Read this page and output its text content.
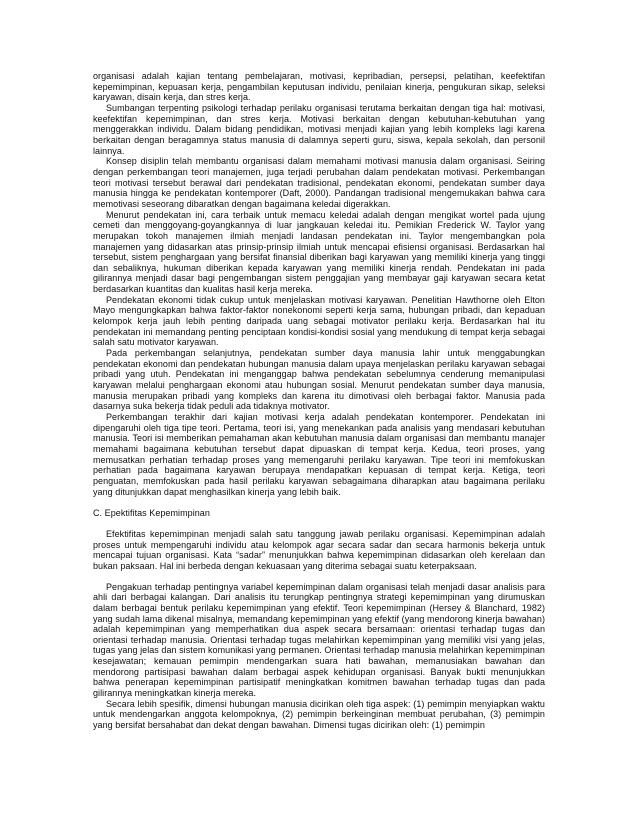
organisasi adalah kajian tentang pembelajaran, motivasi, kepribadian, persepsi, pelatihan, keefektifan kepemimpinan, kepuasan kerja, pengambilan keputusan individu, penilaian kinerja, pengukuran sikap, seleksi karyawan, disain kerja, dan stres kerja.

Sumbangan terpenting psikologi terhadap perilaku organisasi terutama berkaitan dengan tiga hal: motivasi, keefektifan kepemimpinan, dan stres kerja. Motivasi berkaitan dengan kebutuhan-kebutuhan yang menggerakkan individu. Dalam bidang pendidikan, motivasi menjadi kajian yang lebih kompleks lagi karena berkaitan dengan beragamnya status manusia di dalamnya seperti guru, siswa, kepala sekolah, dan personil lainnya.

Konsep disiplin telah membantu organisasi dalam memahami motivasi manusia dalam organisasi. Seiring dengan perkembangan teori manajemen, juga terjadi perubahan dalam pendekatan motivasi. Perkembangan teori motivasi tersebut berawal dari pendekatan tradisional, pendekatan ekonomi, pendekatan sumber daya manusia hingga ke pendekatan kontemporer (Daft, 2000). Pandangan tradisional mengemukakan bahwa cara memotivasi seseorang dibaratkan dengan bagaimana keledai digerakkan.

Menurut pendekatan ini, cara terbaik untuk memacu keledai adalah dengan mengikat wortel pada ujung cemeti dan menggoyang-goyangkannya di luar jangkauan keledai itu. Pemikian Frederick W. Taylor yang merupakan tokoh manajemen ilmiah menjadi landasan pendekatan ini. Taylor mengembangkan pola manajemen yang didasarkan atas prinsip-prinsip ilmiah untuk mencapai efisiensi organisasi. Berdasarkan hal tersebut, sistem penghargaan yang bersifat finansial diberikan bagi karyawan yang memiliki kinerja yang tinggi dan sebaliknya, hukuman diberikan kepada karyawan yang memiliki kinerja rendah. Pendekatan ini pada gilirannya menjadi dasar bagi pengembangan sistem penggajian yang membayar gaji karyawan secara ketat berdasarkan kuantitas dan kualitas hasil kerja mereka.

Pendekatan ekonomi tidak cukup untuk menjelaskan motivasi karyawan. Penelitian Hawthorne oleh Elton Mayo mengungkapkan bahwa faktor-faktor nonekonomi seperti kerja sama, hubungan pribadi, dan kepaduan kelompok kerja jauh lebih penting daripada uang sebagai motivator perilaku kerja. Berdasarkan hal itu pendekatan ini memandang penting penciptaan kondisi-kondisi sosial yang mendukung di tempat kerja sebagai salah satu motivator karyawan.

Pada perkembangan selanjutnya, pendekatan sumber daya manusia lahir untuk menggabungkan pendekatan ekonomi dan pendekatan hubungan manusia dalam upaya menjelaskan perilaku karyawan sebagai pribadi yang utuh. Pendekatan ini menganggap bahwa pendekatan sebelumnya cenderung memanipulasi karyawan melalui penghargaan ekonomi atau hubungan sosial. Menurut pendekatan sumber daya manusia, manusia merupakan pribadi yang kompleks dan karena itu dimotivasi oleh berbagai faktor. Manusia pada dasarnya suka bekerja tidak peduli ada tidaknya motivator.

Perkembangan terakhir dari kajian motivasi kerja adalah pendekatan kontemporer. Pendekatan ini dipengaruhi oleh tiga tipe teori. Pertama, teori isi, yang menekankan pada analisis yang mendasari kebutuhan manusia. Teori isi memberikan pemahaman akan kebutuhan manusia dalam organisasi dan membantu manajer memahami bagaimana kebutuhan tersebut dapat dipuaskan di tempat kerja. Kedua, teori proses, yang memusatkan perhatian terhadap proses yang memengaruhi perilaku karyawan. Tipe teori ini memfokuskan perhatian pada bagaimana karyawan berupaya mendapatkan kepuasan di tempat kerja. Ketiga, teori penguatan, memfokuskan pada hasil perilaku karyawan sebagaimana diharapkan atau bagaimana perilaku yang ditunjukkan dapat menghasilkan kinerja yang lebih baik.

C. Epektifitas Kepemimpinan

Efektifitas kepemimpinan menjadi salah satu tanggung jawab perilaku organisasi. Kepemimpinan adalah proses untuk mempengaruhi individu atau kelompok agar secara sadar dan secara harmonis bekerja untuk mencapai tujuan organisasi. Kata “sadar” menunjukkan bahwa kepemimpinan didasarkan oleh kerelaan dan bukan paksaan. Hal ini berbeda dengan kekuasaan yang diterima sebagai suatu keterpaksaan.

Pengakuan terhadap pentingnya variabel kepemimpinan dalam organisasi telah menjadi dasar analisis para ahli dari berbagai kalangan. Dari analisis itu terungkap pentingnya strategi kepemimpinan yang dirumuskan dalam berbagai bentuk perilaku kepemimpinan yang efektif. Teori kepemimpinan (Hersey & Blanchard, 1982) yang sudah lama dikenal misalnya, memandang kepemimpinan yang efektif (yang mendorong kinerja bawahan) adalah kepemimpinan yang memperhatikan dua aspek secara bersamaan: orientasi terhadap tugas dan orientasi terhadap manusia. Orientasi terhadap tugas melahirkan kepemimpinan yang memiliki visi yang jelas, tugas yang jelas dan sistem komunikasi yang permanen. Orientasi terhadap manusia melahirkan kepemimpinan kesejawatan; kemauan pemimpin mendengarkan suara hati bawahan, memanusiakan bawahan dan mendorong partisipasi bawahan dalam berbagai aspek kehidupan organisasi. Banyak bukti menunjukkan bahwa penerapan kepemimpinan partisipatif meningkatkan komitmen bawahan terhadap tugas dan pada gilirannya meningkatkan kinerja mereka.

Secara lebih spesifik, dimensi hubungan manusia dicirikan oleh tiga aspek: (1) pemimpin menyiapkan waktu untuk mendengarkan anggota kelompoknya, (2) pemimpin berkeinginan membuat perubahan, (3) pemimpin yang bersifat bersahabat dan dekat dengan bawahan. Dimensi tugas dicirikan oleh: (1) pemimpin
